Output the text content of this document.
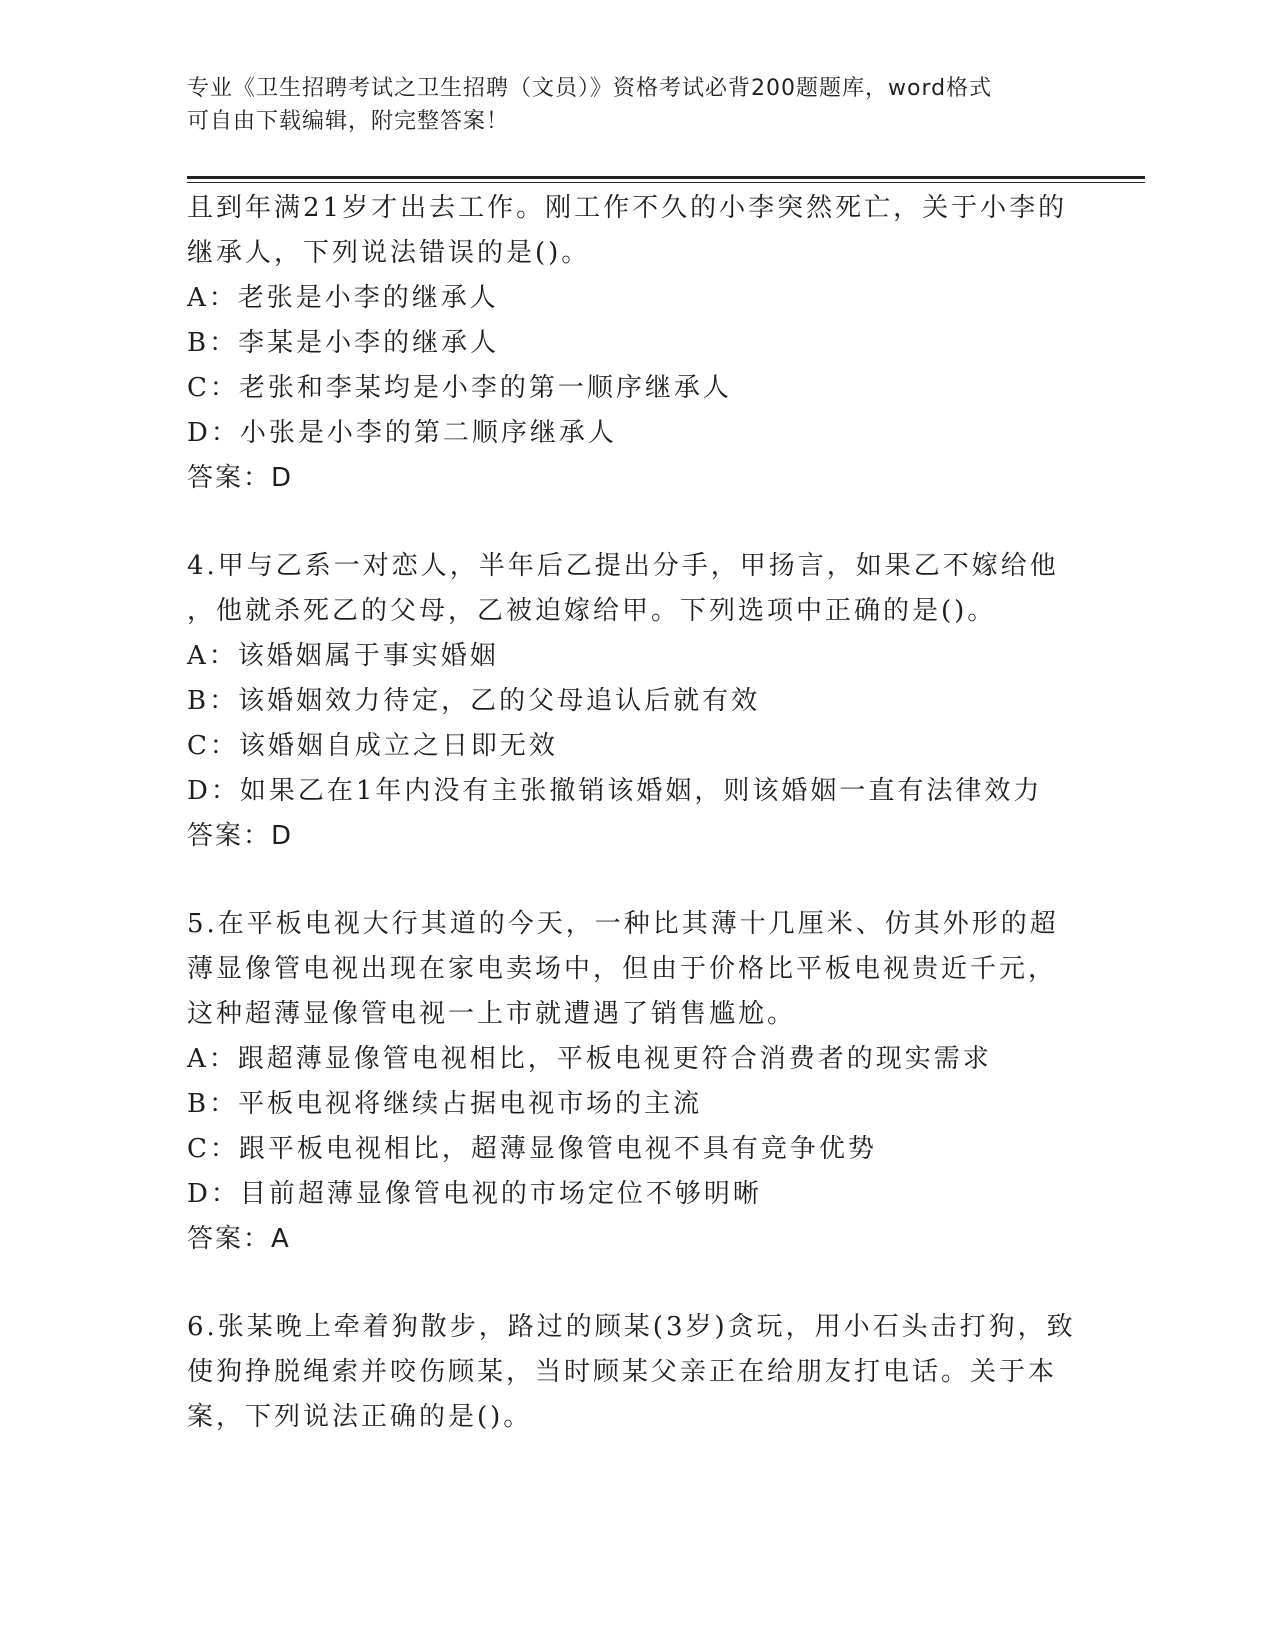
专业《卫生招聘考试之卫生招聘（文员）》资格考试必背200题题库，word格式
可自由下载编辑，附完整答案！
且到年满21岁才出去工作。刚工作不久的小李突然死亡，关于小李的
继承人，下列说法错误的是()。
A：老张是小李的继承人
B：李某是小李的继承人
C：老张和李某均是小李的第一顺序继承人
D：小张是小李的第二顺序继承人
答案：D
4.甲与乙系一对恋人，半年后乙提出分手，甲扬言，如果乙不嫁给他
，他就杀死乙的父母，乙被迫嫁给甲。下列选项中正确的是()。
A：该婚姻属于事实婚姻
B：该婚姻效力待定，乙的父母追认后就有效
C：该婚姻自成立之日即无效
D：如果乙在1年内没有主张撤销该婚姻，则该婚姻一直有法律效力
答案：D
5.在平板电视大行其道的今天，一种比其薄十几厘米、仿其外形的超
薄显像管电视出现在家电卖场中，但由于价格比平板电视贵近千元，
这种超薄显像管电视一上市就遭遇了销售尴尬。
A：跟超薄显像管电视相比，平板电视更符合消费者的现实需求
B：平板电视将继续占据电视市场的主流
C：跟平板电视相比，超薄显像管电视不具有竞争优势
D：目前超薄显像管电视的市场定位不够明晰
答案：A
6.张某晚上牵着狗散步，路过的顾某(3岁)贪玩，用小石头击打狗，致
使狗挣脱绳索并咬伤顾某，当时顾某父亲正在给朋友打电话。关于本
案，下列说法正确的是()。
